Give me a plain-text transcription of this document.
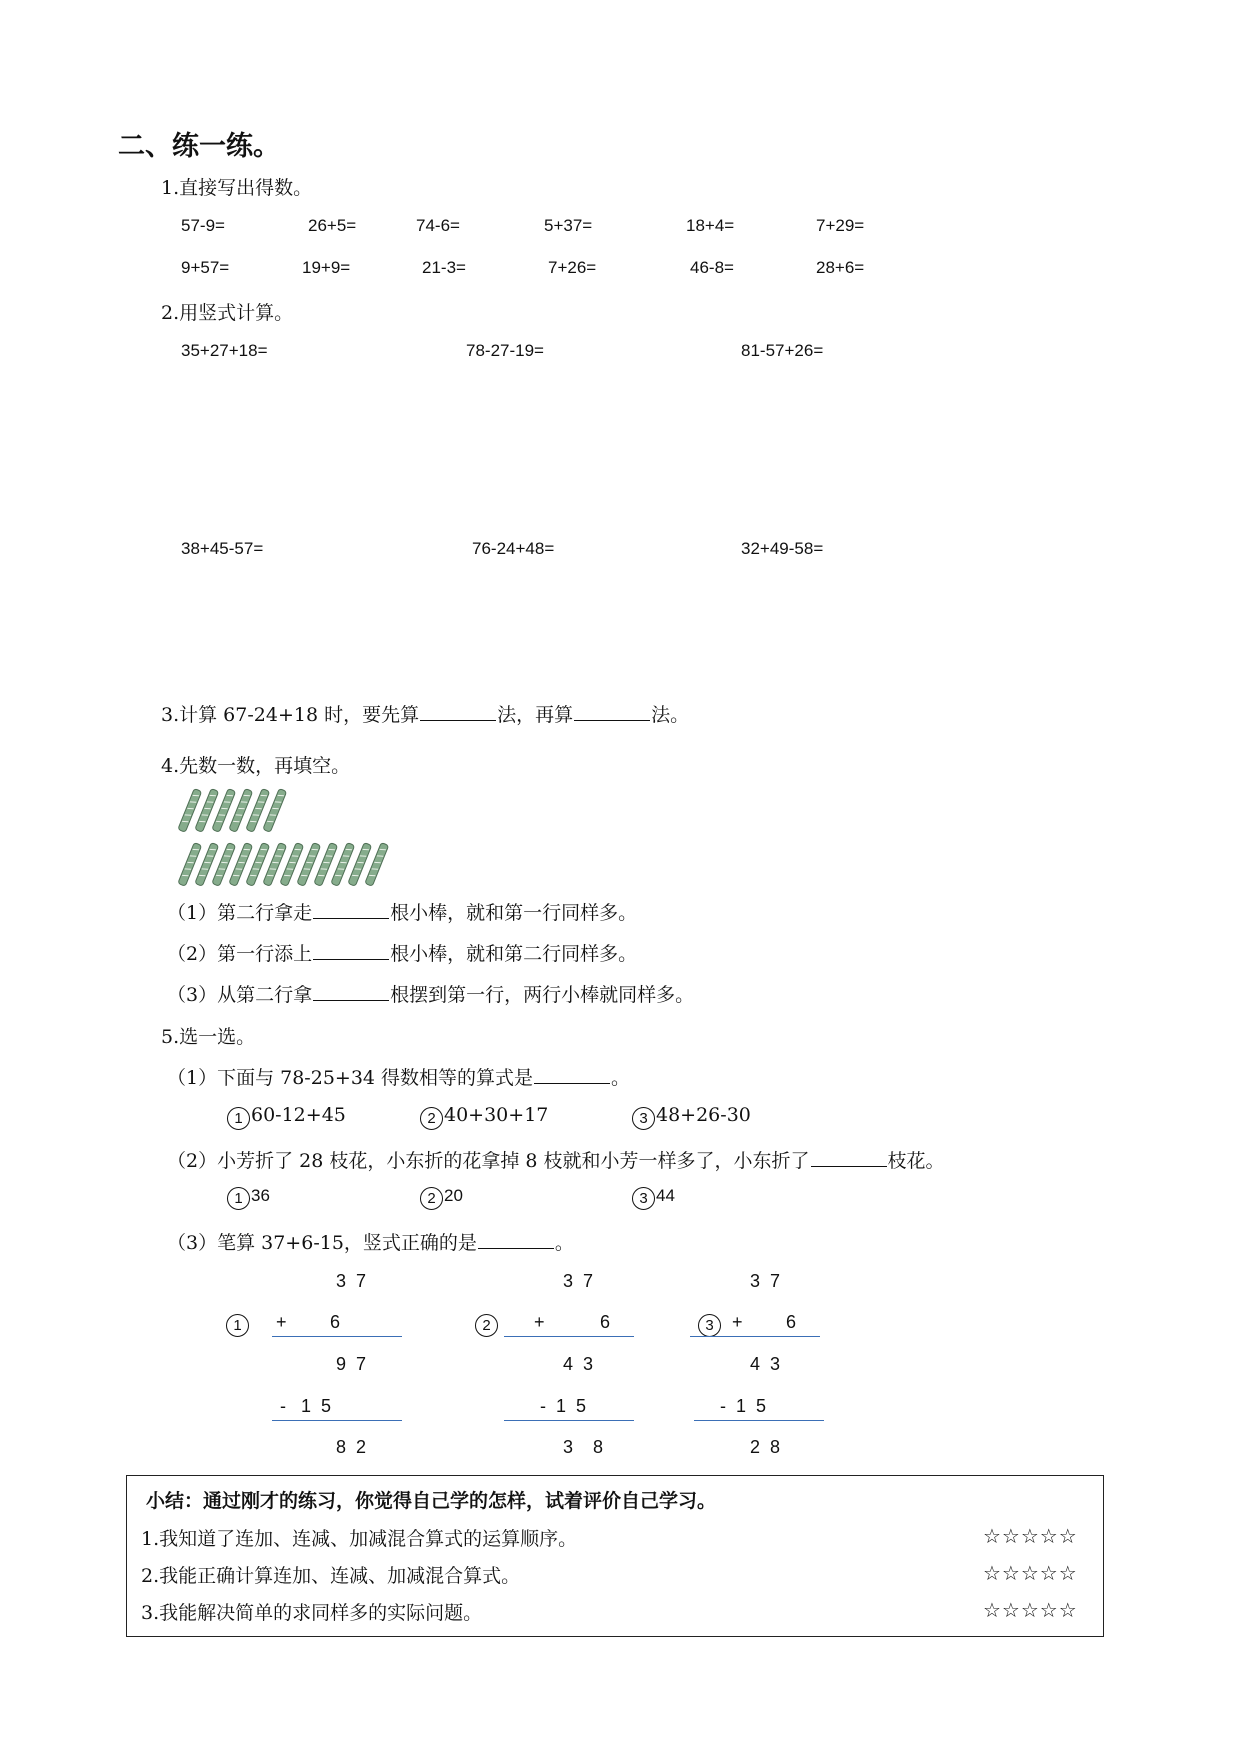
二、练一练。
1.直接写出得数。
57-9=	26+5=	74-6=	5+37=	18+4=	7+29=
9+57=	19+9=	21-3=	7+26=	46-8=	28+6=
2.用竖式计算。
35+27+18=	78-27-19=	81-57+26=
38+45-57=	76-24+48=	32+49-58=
3.计算 67-24+18 时，要先算	法，再算	法。
4.先数一数，再填空。
（1）第二行拿走	根小棒，就和第一行同样多。
（2）第一行添上	根小棒，就和第二行同样多。
（3）从第二行拿	根摆到第一行，两行小棒就同样多。
5.选一选。
（1）下面与 78-25+34 得数相等的算式是	。
1 60-12+45	2 40+30+17	3 48+26-30
（2）小芳折了 28 枝花，小东折的花拿掉 8 枝就和小芳一样多了，小东折了	枝花。
1 36	2 20	3 44
（3）笔算 37+6-15，竖式正确的是	。
3  7
1	+ 6
9  7
-   1  5
8  2
3  7
2	+	6
4  3
-  1  5
3    8
3  7
3	+ 6
4  3
-  1  5
2  8
小结：通过刚才的练习，你觉得自己学的怎样，试着评价自己学习。
1.我知道了连加、连减、加减混合算式的运算顺序。	☆☆☆☆☆
2.我能正确计算连加、连减、加减混合算式。	☆☆☆☆☆
3.我能解决简单的求同样多的实际问题。	☆☆☆☆☆
